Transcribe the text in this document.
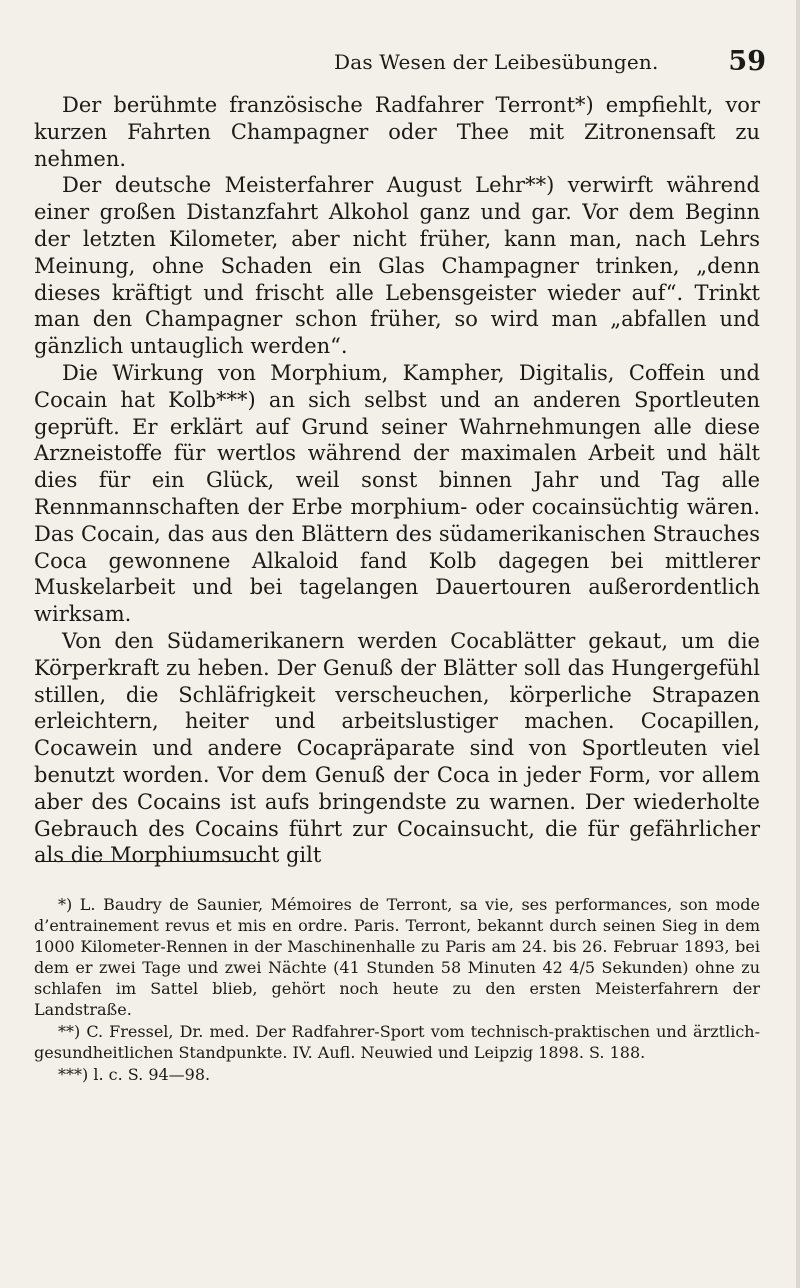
Das Wesen der Leibesübungen.	59

Der berühmte französische Radfahrer Terront*) empfiehlt, vor kurzen Fahrten Champagner oder Thee mit Zitronensaft zu nehmen.

Der deutsche Meisterfahrer August Lehr**) verwirft während einer großen Distanzfahrt Alkohol ganz und gar. Vor dem Beginn der letzten Kilometer, aber nicht früher, kann man, nach Lehrs Meinung, ohne Schaden ein Glas Champagner trinken, „denn dieses kräftigt und frischt alle Lebensgeister wieder auf“. Trinkt man den Champagner schon früher, so wird man „abfallen und gänzlich untauglich werden“.

Die Wirkung von Morphium, Kampher, Digitalis, Coffein und Cocain hat Kolb***) an sich selbst und an anderen Sportleuten geprüft. Er erklärt auf Grund seiner Wahrnehmungen alle diese Arzneistoffe für wertlos während der maximalen Arbeit und hält dies für ein Glück, weil sonst binnen Jahr und Tag alle Rennmannschaften der Erbe morphium- oder cocainsüchtig wären. Das Cocain, das aus den Blättern des südamerikanischen Strauches Coca gewonnene Alkaloid fand Kolb dagegen bei mittlerer Muskelarbeit und bei tagelangen Dauertouren außerordentlich wirksam.

Von den Südamerikanern werden Cocablätter gekaut, um die Körperkraft zu heben. Der Genuß der Blätter soll das Hungergefühl stillen, die Schläfrigkeit verscheuchen, körperliche Strapazen erleichtern, heiter und arbeitslustiger machen. Cocapillen, Cocawein und andere Cocapräparate sind von Sportleuten viel benutzt worden. Vor dem Genuß der Coca in jeder Form, vor allem aber des Cocains ist aufs bringendste zu warnen. Der wiederholte Gebrauch des Cocains führt zur Cocainsucht, die für gefährlicher als die Morphiumsucht gilt

*) L. Baudry de Saunier, Mémoires de Terront, sa vie, ses performances, son mode d’entrainement revus et mis en ordre. Paris. Terront, bekannt durch seinen Sieg in dem 1000 Kilometer-Rennen in der Maschinenhalle zu Paris am 24. bis 26. Februar 1893, bei dem er zwei Tage und zwei Nächte (41 Stunden 58 Minuten 42 4/5 Sekunden) ohne zu schlafen im Sattel blieb, gehört noch heute zu den ersten Meisterfahrern der Landstraße.

**) C. Fressel, Dr. med. Der Radfahrer-Sport vom technisch-praktischen und ärztlich-gesundheitlichen Standpunkte. IV. Aufl. Neuwied und Leipzig 1898. S. 188.

***) l. c. S. 94—98.
